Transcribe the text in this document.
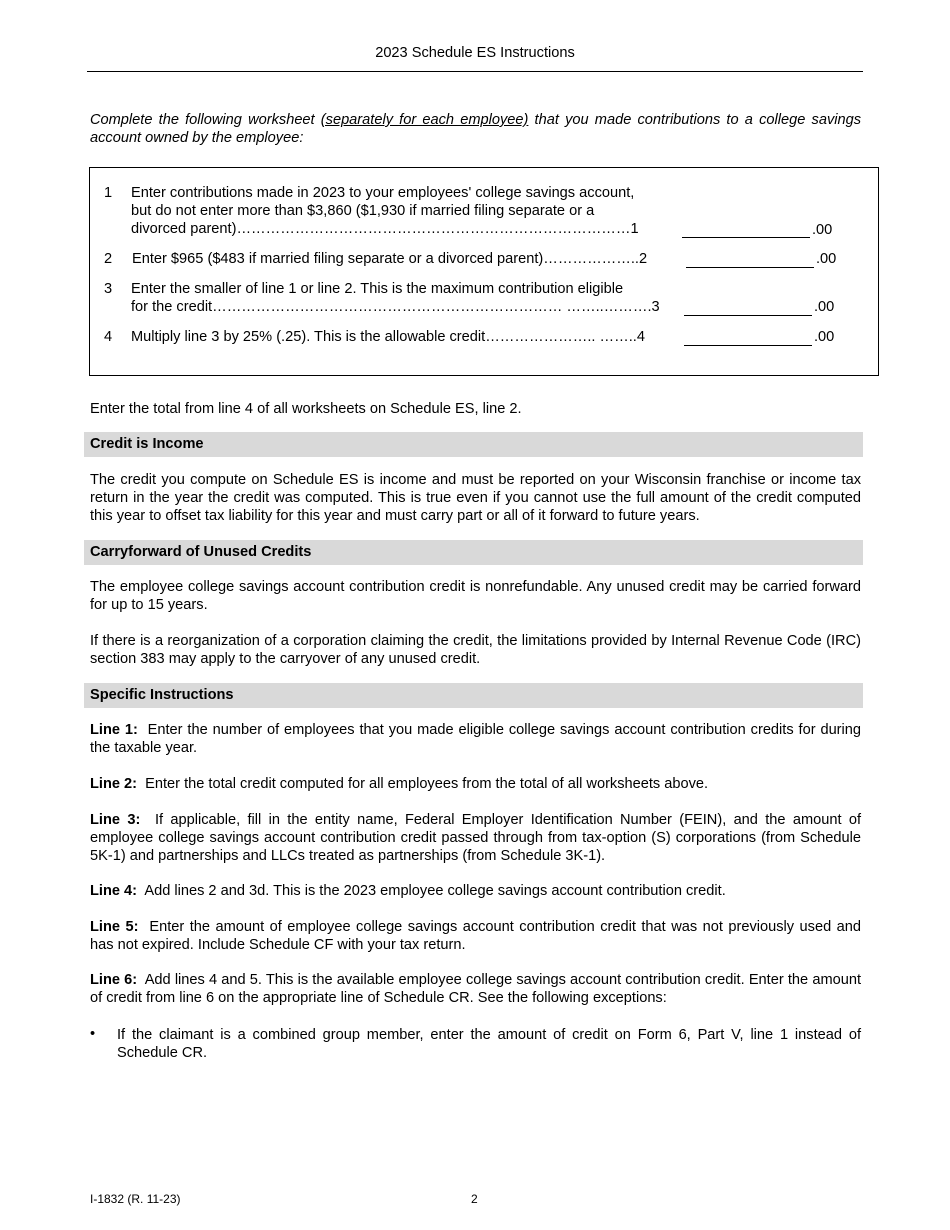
2023 Schedule ES Instructions
Complete the following worksheet (separately for each employee) that you made contributions to a college savings account owned by the employee:
1 Enter contributions made in 2023 to your employees' college savings account,
but do not enter more than $3,860 ($1,930 if married filing separate or a
divorced parent)………………………………………………………………………1	.00
2 Enter $965 ($483 if married filing separate or a divorced parent)………………..2	.00
3 Enter the smaller of line 1 or line 2. This is the maximum contribution eligible
for the credit……………………………………………………………… ……..……….3	.00
4 Multiply line 3 by 25% (.25). This is the allowable credit………………….. ……..4	.00
Enter the total from line 4 of all worksheets on Schedule ES, line 2.
Credit is Income
The credit you compute on Schedule ES is income and must be reported on your Wisconsin franchise or income tax return in the year the credit was computed. This is true even if you cannot use the full amount of the credit computed this year to offset tax liability for this year and must carry part or all of it forward to future years.
Carryforward of Unused Credits
The employee college savings account contribution credit is nonrefundable. Any unused credit may be carried forward for up to 15 years.
If there is a reorganization of a corporation claiming the credit, the limitations provided by Internal Revenue Code (IRC) section 383 may apply to the carryover of any unused credit.
Specific Instructions
Line 1: Enter the number of employees that you made eligible college savings account contribution credits for during the taxable year.
Line 2: Enter the total credit computed for all employees from the total of all worksheets above.
Line 3: If applicable, fill in the entity name, Federal Employer Identification Number (FEIN), and the amount of employee college savings account contribution credit passed through from tax-option (S) corporations (from Schedule 5K-1) and partnerships and LLCs treated as partnerships (from Schedule 3K-1).
Line 4: Add lines 2 and 3d. This is the 2023 employee college savings account contribution credit.
Line 5: Enter the amount of employee college savings account contribution credit that was not previously used and has not expired. Include Schedule CF with your tax return.
Line 6: Add lines 4 and 5. This is the available employee college savings account contribution credit. Enter the amount of credit from line 6 on the appropriate line of Schedule CR. See the following exceptions:
• If the claimant is a combined group member, enter the amount of credit on Form 6, Part V, line 1 instead of Schedule CR.
I-1832 (R. 11-23)	2
